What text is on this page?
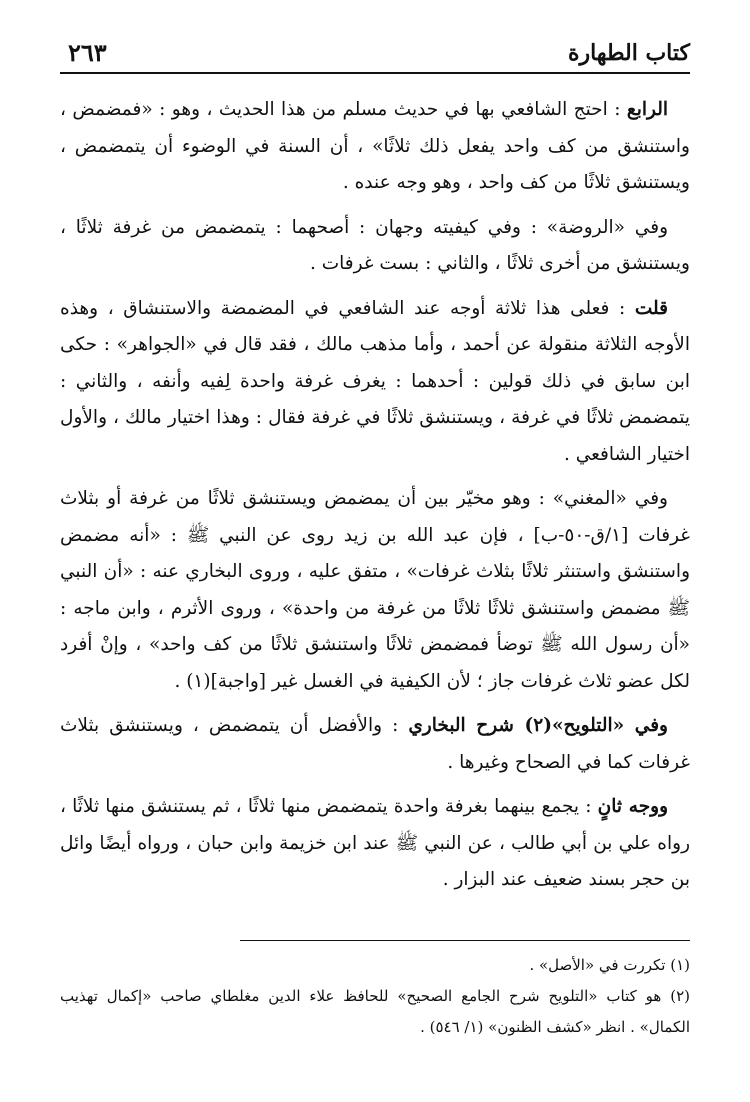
كتاب الطهارة
٢٦٣

الرابع : احتج الشافعي بها في حديث مسلم من هذا الحديث ، وهو : «فمضمض ، واستنشق من كف واحد يفعل ذلك ثلاثًا» ، أن السنة في الوضوء أن يتمضمض ، ويستنشق ثلاثًا من كف واحد ، وهو وجه عنده .

وفي «الروضة» : وفي كيفيته وجهان : أصحهما : يتمضمض من غرفة ثلاثًا ، ويستنشق من أخرى ثلاثًا ، والثاني : بست غرفات .

قلت : فعلى هذا ثلاثة أوجه عند الشافعي في المضمضة والاستنشاق ، وهذه الأوجه الثلاثة منقولة عن أحمد ، وأما مذهب مالك ، فقد قال في «الجواهر» : حكى ابن سابق في ذلك قولين : أحدهما : يغرف غرفة واحدة لِفيه وأنفه ، والثاني : يتمضمض ثلاثًا في غرفة ، ويستنشق ثلاثًا في غرفة فقال : وهذا اختيار مالك ، والأول اختيار الشافعي .

وفي «المغني» : وهو مخيّر بين أن يمضمض ويستنشق ثلاثًا من غرفة أو بثلاث غرفات [١/ق-٥٠-ب] ، فإن عبد الله بن زيد روى عن النبي ﷺ : «أنه مضمض واستنشق واستنثر ثلاثًا بثلاث غرفات» ، متفق عليه ، وروى البخاري عنه : «أن النبي ﷺ مضمض واستنشق ثلاثًا ثلاثًا من غرفة من واحدة» ، وروى الأثرم ، وابن ماجه : «أن رسول الله ﷺ توضأ فمضمض ثلاثًا واستنشق ثلاثًا من كف واحد» ، وإنْ أفرد لكل عضو ثلاث غرفات جاز ؛ لأن الكيفية في الغسل غير [واجبة](١) .

وفي «التلويح»(٢) شرح البخاري : والأفضل أن يتمضمض ، ويستنشق بثلاث غرفات كما في الصحاح وغيرها .

ووجه ثانٍ : يجمع بينهما بغرفة واحدة يتمضمض منها ثلاثًا ، ثم يستنشق منها ثلاثًا ، رواه علي بن أبي طالب ، عن النبي ﷺ عند ابن خزيمة وابن حبان ، ورواه أيضًا وائل بن حجر بسند ضعيف عند البزار .

(١) تكررت في «الأصل» .

(٢) هو كتاب «التلويح شرح الجامع الصحيح» للحافظ علاء الدين مغلطاي صاحب «إكمال تهذيب الكمال» . انظر «كشف الظنون» (١/ ٥٤٦) .
